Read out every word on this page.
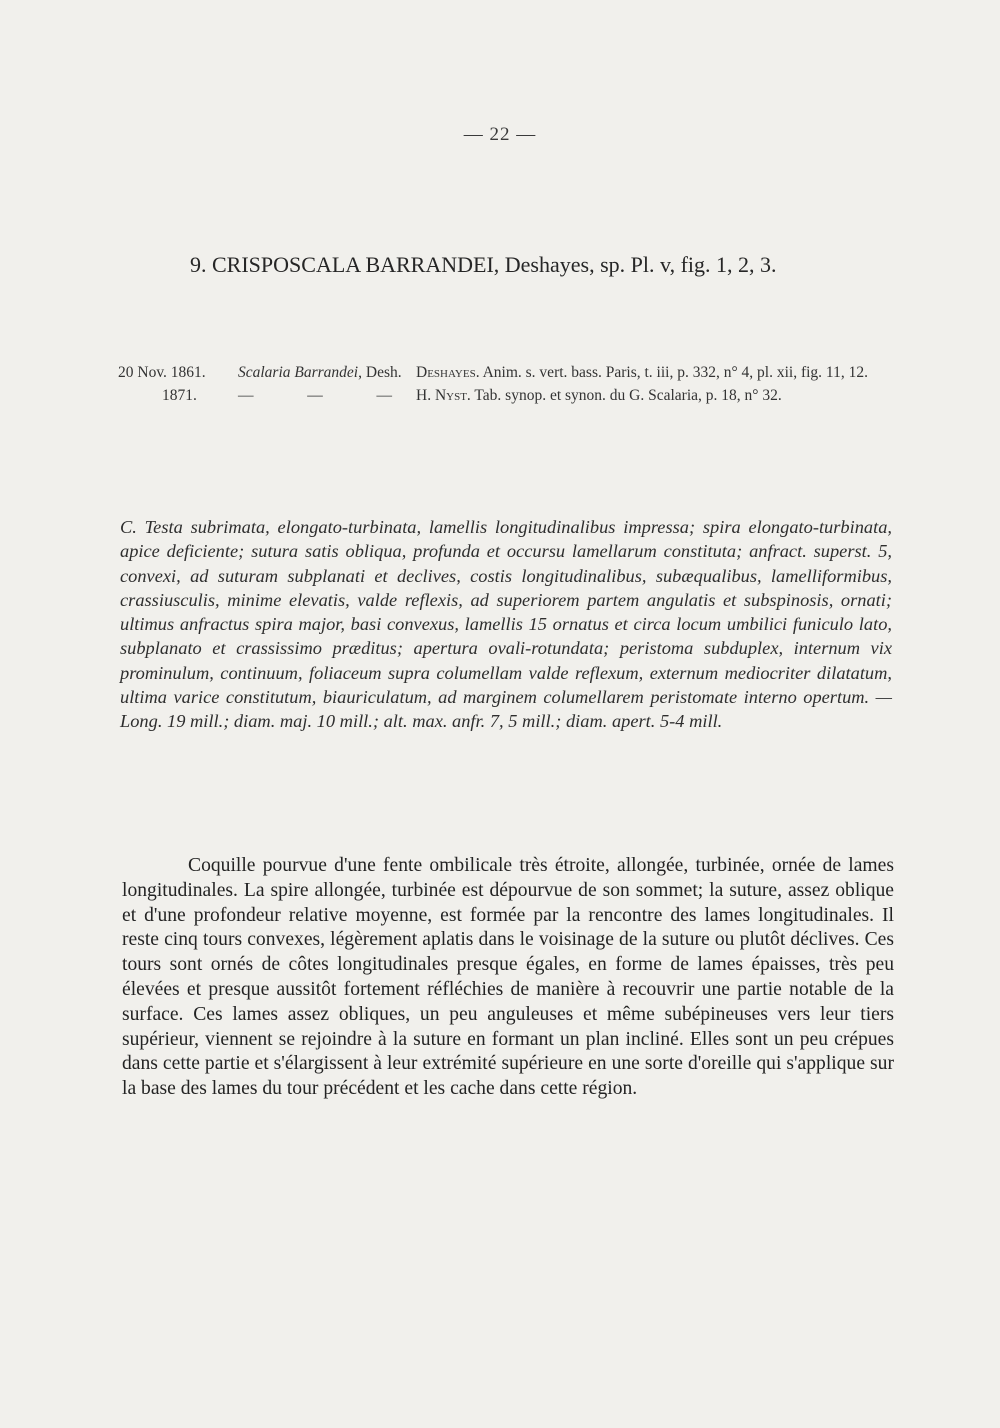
— 22 —
9. CRISPOSCALA BARRANDEI, Deshayes, sp. Pl. v, fig. 1, 2, 3.
20 Nov. 1861.	Scalaria Barrandei, Desh. Deshayes. Anim. s. vert. bass. Paris, t. iii, p. 332, n° 4, pl. xii, fig. 11, 12.
1871.	—	—	— H. Nyst. Tab. synop. et synon. du G. Scalaria, p. 18, n° 32.
C. Testa subrimata, elongato-turbinata, lamellis longitudinalibus impressa; spira elongato-turbinata, apice deficiente; sutura satis obliqua, profunda et occursu lamellarum constituta; anfract. superst. 5, convexi, ad suturam subplanati et declives, costis longitudinalibus, subæqualibus, lamelliformibus, crassiusculis, minime elevatis, valde reflexis, ad superiorem partem angulatis et subspinosis, ornati; ultimus anfractus spira major, basi convexus, lamellis 15 ornatus et circa locum umbilici funiculo lato, subplanato et crassissimo præditus; apertura ovali-rotundata; peristoma subduplex, internum vix prominulum, continuum, foliaceum supra columellam valde reflexum, externum mediocriter dilatatum, ultima varice constitutum, biauriculatum, ad marginem columellarem peristomate interno opertum. — Long. 19 mill.; diam. maj. 10 mill.; alt. max. anfr. 7, 5 mill.; diam. apert. 5-4 mill.
Coquille pourvue d'une fente ombilicale très étroite, allongée, turbinée, ornée de lames longitudinales. La spire allongée, turbinée est dépourvue de son sommet; la suture, assez oblique et d'une profondeur relative moyenne, est formée par la rencontre des lames longitudinales. Il reste cinq tours convexes, légèrement aplatis dans le voisinage de la suture ou plutôt déclives. Ces tours sont ornés de côtes longitudinales presque égales, en forme de lames épaisses, très peu élevées et presque aussitôt fortement réfléchies de manière à recouvrir une partie notable de la surface. Ces lames assez obliques, un peu anguleuses et même subépineuses vers leur tiers supérieur, viennent se rejoindre à la suture en formant un plan incliné. Elles sont un peu crépues dans cette partie et s'élargissent à leur extrémité supérieure en une sorte d'oreille qui s'applique sur la base des lames du tour précédent et les cache dans cette région.
